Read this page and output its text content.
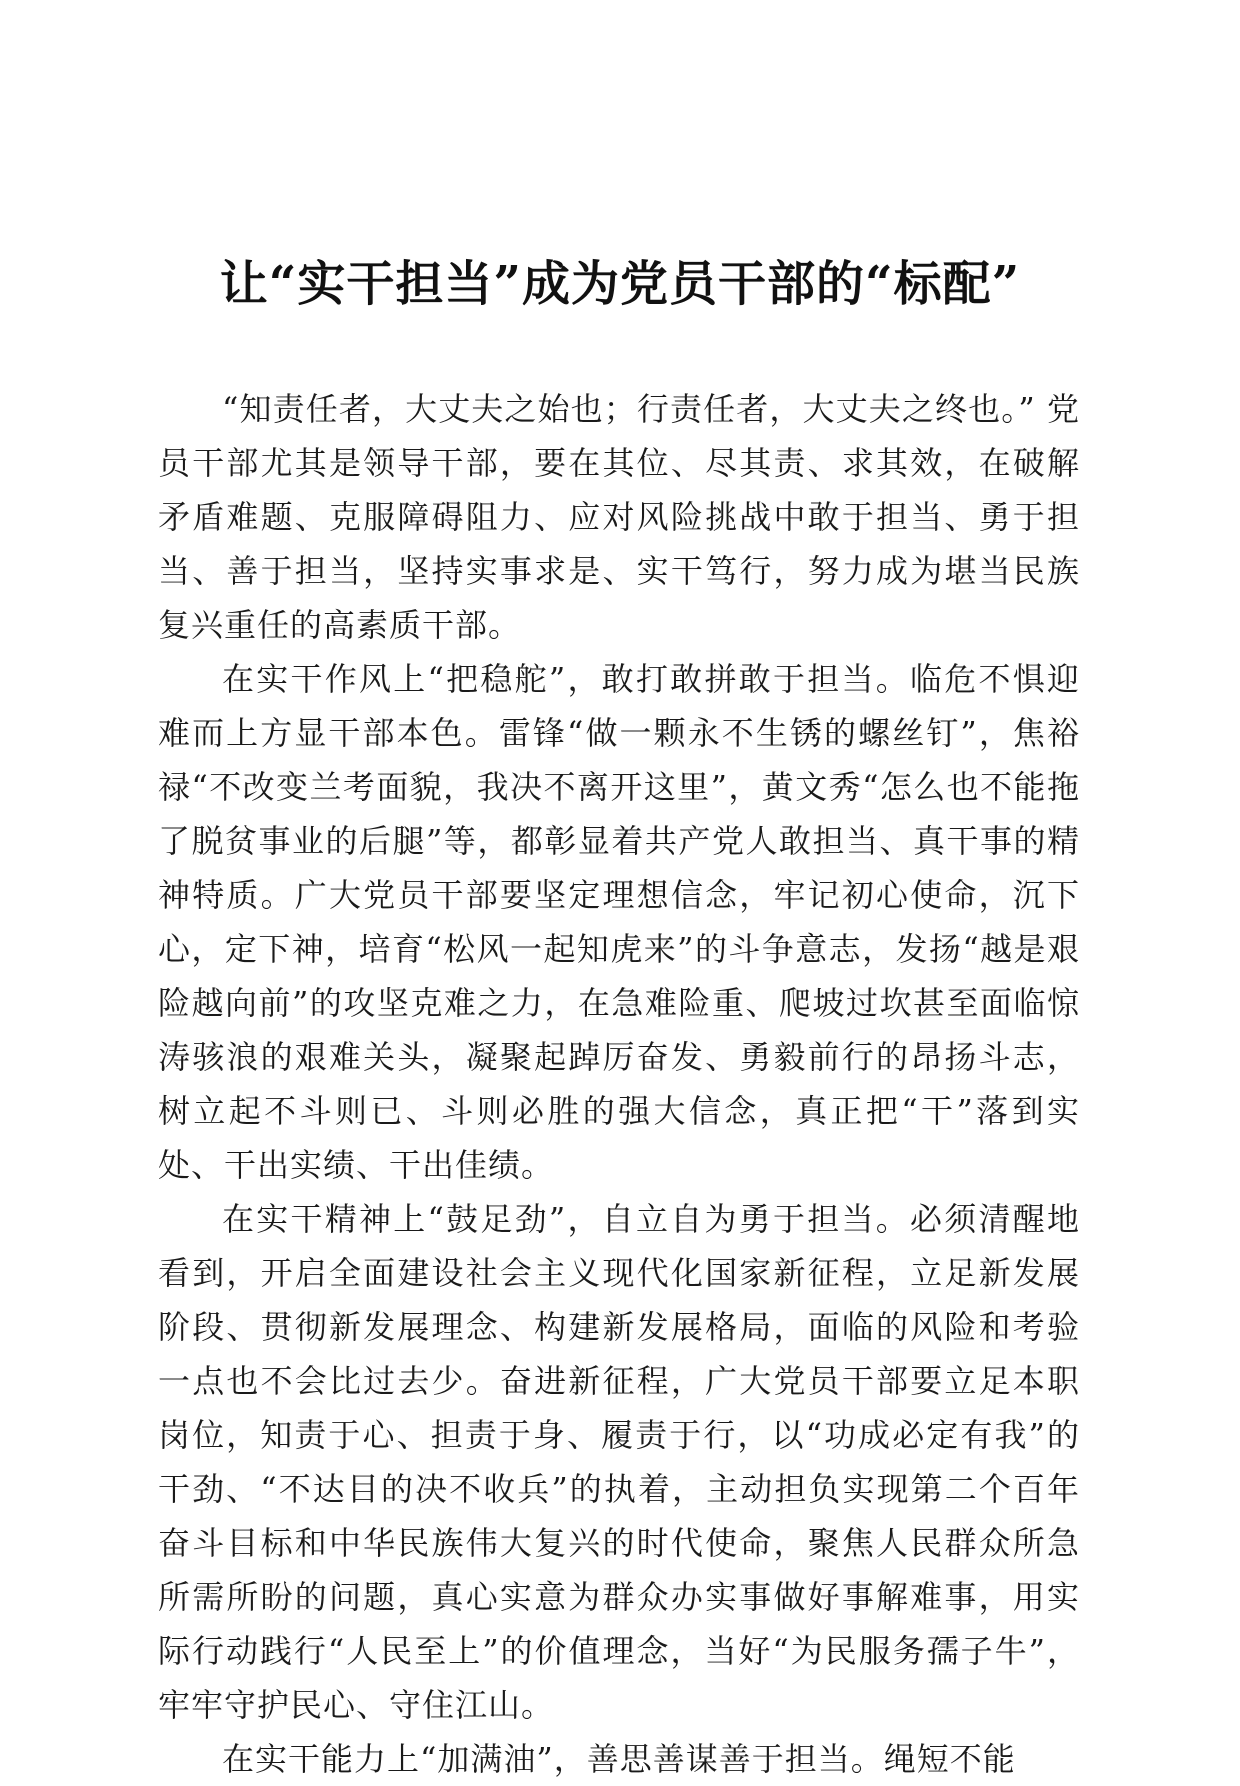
让“实干担当”成为党员干部的“标配”

“知责任者，大丈夫之始也；行责任者，大丈夫之终也。” 党员干部尤其是领导干部，要在其位、尽其责、求其效，在破解矛盾难题、克服障碍阻力、应对风险挑战中敢于担当、勇于担当、善于担当，坚持实事求是、实干笃行，努力成为堪当民族复兴重任的高素质干部。

在实干作风上“把稳舵”，敢打敢拼敢于担当。临危不惧迎难而上方显干部本色。雷锋“做一颗永不生锈的螺丝钉”，焦裕禄“不改变兰考面貌，我决不离开这里”，黄文秀“怎么也不能拖了脱贫事业的后腿”等，都彰显着共产党人敢担当、真干事的精神特质。广大党员干部要坚定理想信念，牢记初心使命，沉下心，定下神，培育“松风一起知虎来”的斗争意志，发扬“越是艰险越向前”的攻坚克难之力，在急难险重、爬坡过坎甚至面临惊涛骇浪的艰难关头，凝聚起踔厉奋发、勇毅前行的昂扬斗志，树立起不斗则已、斗则必胜的强大信念，真正把“干”落到实处、干出实绩、干出佳绩。

在实干精神上“鼓足劲”，自立自为勇于担当。必须清醒地看到，开启全面建设社会主义现代化国家新征程，立足新发展阶段、贯彻新发展理念、构建新发展格局，面临的风险和考验一点也不会比过去少。奋进新征程，广大党员干部要立足本职岗位，知责于心、担责于身、履责于行，以“功成必定有我”的干劲、“不达目的决不收兵”的执着，主动担负实现第二个百年奋斗目标和中华民族伟大复兴的时代使命，聚焦人民群众所急所需所盼的问题，真心实意为群众办实事做好事解难事，用实际行动践行“人民至上”的价值理念，当好“为民服务孺子牛”，牢牢守护民心、守住江山。

在实干能力上“加满油”，善思善谋善于担当。绳短不能
